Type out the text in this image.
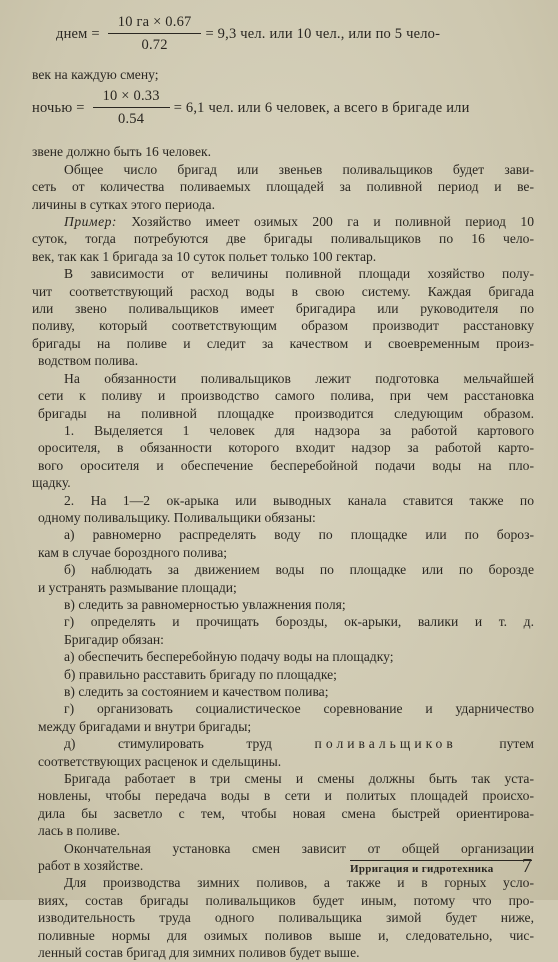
днем = $\frac{10 га \times 0.67}{0.72} = 9,3$ чел. или 10 чел., или по 5 чело-
век на каждую смену;
ночью = $\frac{10 \times 0.33}{0.54} = 6,1$ чел. или 6 человек, а всего в бригаде или
звене должно быть 16 человек.
Общее число бригад или звеньев поливальщиков будет зави-
сеть от количества поливаемых площадей за поливной период и ве-
личины в сутках этого периода.
Пример: Хозяйство имеет озимых 200 га и поливной период 10
суток, тогда потребуются две бригады поливальщиков по 16 чело-
век, так как 1 бригада за 10 суток польет только 100 гектар.
В зависимости от величины поливной площади хозяйство полу-
чит соответствующий расход воды в свою систему. Каждая бригада
или звено поливальщиков имеет бригадира или руководителя по
поливу, который соответствующим образом производит расстановку
бригады на поливе и следит за качеством и своевременным произ-
водством полива.
На обязанности поливальщиков лежит подготовка мельчайшей
сети к поливу и производство самого полива, при чем расстановка
бригады на поливной площадке производится следующим образом.
1. Выделяется 1 человек для надзора за работой картового
оросителя, в обязанности которого входит надзор за работой карто-
вого оросителя и обеспечение бесперебойной подачи воды на пло-
щадку.
2. На 1—2 ок-арыка или выводных канала ставится также по
одному поливальщику. Поливальщики обязаны:
а) равномерно распределять воду по площадке или по бороз-
кам в случае бороздного полива;
б) наблюдать за движением воды по площадке или по борозде
и устранять размывание площади;
в) следить за равномерностью увлажнения поля;
г) определять и прочищать борозды, ок-арыки, валики и т. д.
Бригадир обязан:
а) обеспечить бесперебойную подачу воды на площадку;
б) правильно расставить бригаду по площадке;
в) следить за состоянием и качеством полива;
г) организовать социалистическое соревнование и ударничество
между бригадами и внутри бригады;
д) стимулировать труд	поливальщиков	путем
соответствующих расценок и сдельщины.
Бригада работает в три смены и смены должны быть так уста-
новлены, чтобы передача воды в сети и политых площадей происхо-
дила бы засветло с тем, чтобы новая смена быстрей ориентирова-
лась в поливе.
Окончательная установка смен зависит от общей организации
работ в хозяйстве.
Для производства зимних поливов, а также и в горных усло-
виях, состав бригады поливальщиков будет иным, потому что про-
изводительность труда одного поливальщика зимой будет ниже,
поливные нормы для озимых поливов выше и, следовательно, чис-
ленный состав бригад для зимних поливов будет выше.
Ирригация и гидротехника 7
